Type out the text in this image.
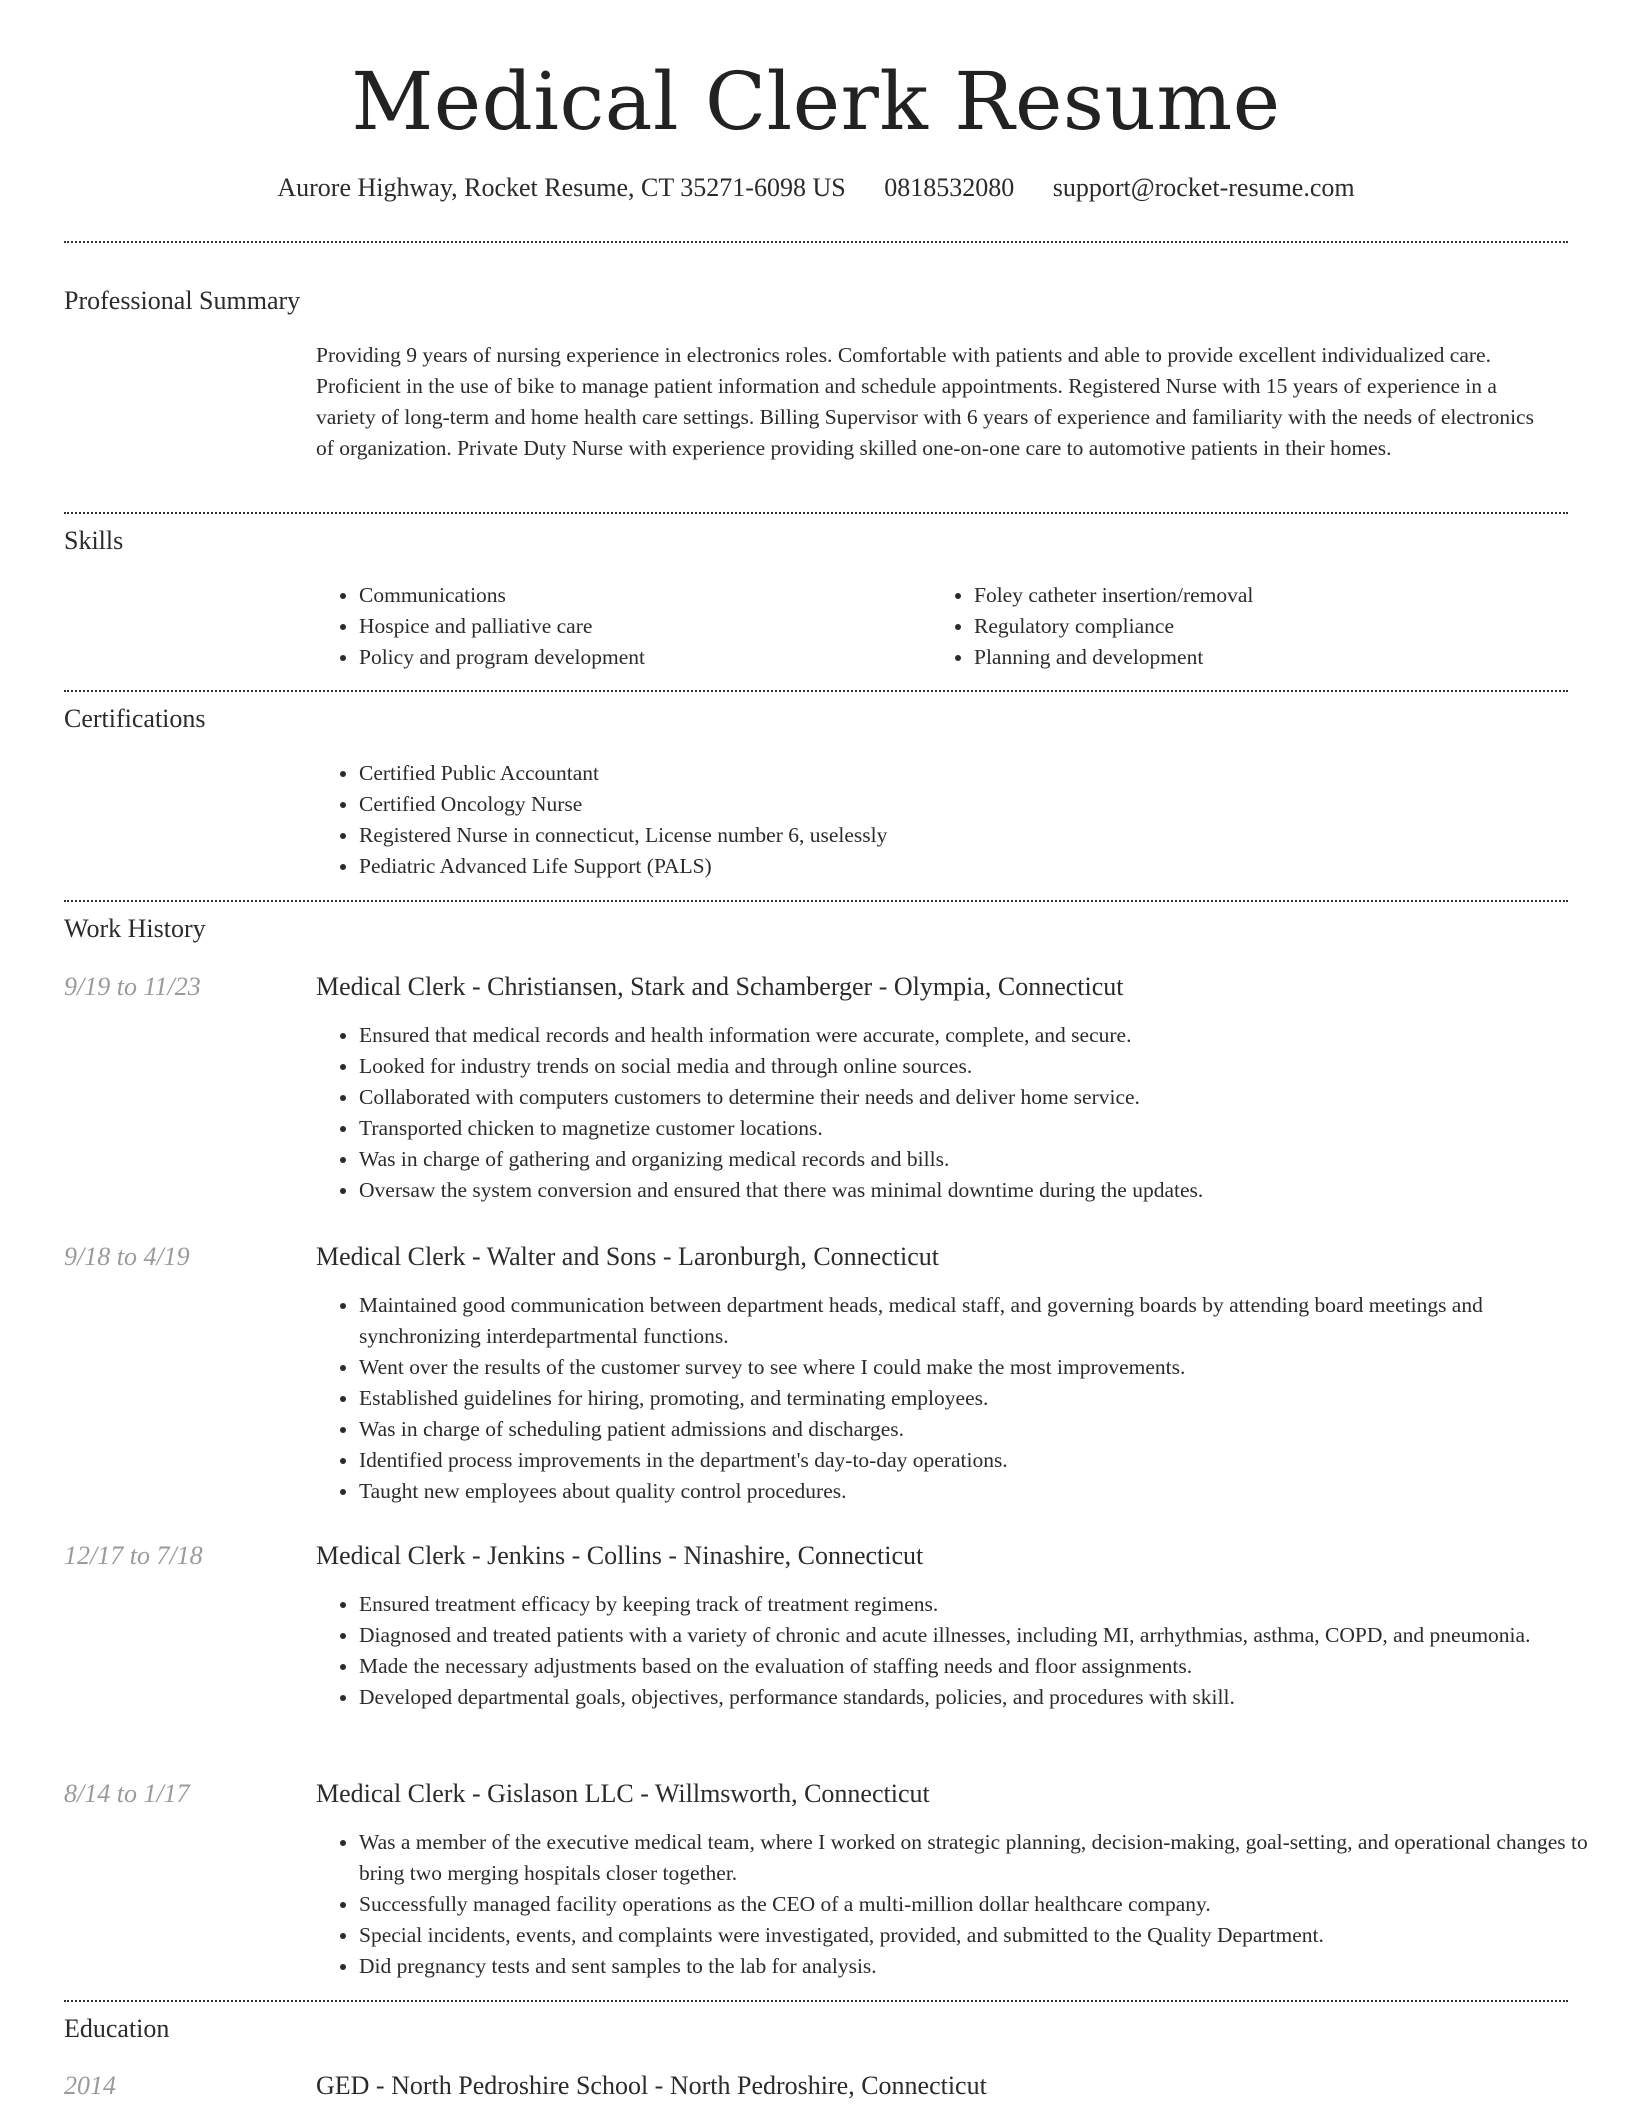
Medical Clerk Resume
Aurore Highway, Rocket Resume, CT 35271-6098 US 0818532080 support@rocket-resume.com
Professional Summary
Providing 9 years of nursing experience in electronics roles. Comfortable with patients and able to provide excellent individualized care. Proficient in the use of bike to manage patient information and schedule appointments. Registered Nurse with 15 years of experience in a variety of long-term and home health care settings. Billing Supervisor with 6 years of experience and familiarity with the needs of electronics of organization. Private Duty Nurse with experience providing skilled one-on-one care to automotive patients in their homes.
Skills
• Communications
• Hospice and palliative care
• Policy and program development
• Foley catheter insertion/removal
• Regulatory compliance
• Planning and development
Certifications
• Certified Public Accountant
• Certified Oncology Nurse
• Registered Nurse in connecticut, License number 6, uselessly
• Pediatric Advanced Life Support (PALS)
Work History
9/19 to 11/23	Medical Clerk - Christiansen, Stark and Schamberger - Olympia, Connecticut
• Ensured that medical records and health information were accurate, complete, and secure.
• Looked for industry trends on social media and through online sources.
• Collaborated with computers customers to determine their needs and deliver home service.
• Transported chicken to magnetize customer locations.
• Was in charge of gathering and organizing medical records and bills.
• Oversaw the system conversion and ensured that there was minimal downtime during the updates.
9/18 to 4/19	Medical Clerk - Walter and Sons - Laronburgh, Connecticut
• Maintained good communication between department heads, medical staff, and governing boards by attending board meetings and synchronizing interdepartmental functions.
• Went over the results of the customer survey to see where I could make the most improvements.
• Established guidelines for hiring, promoting, and terminating employees.
• Was in charge of scheduling patient admissions and discharges.
• Identified process improvements in the department's day-to-day operations.
• Taught new employees about quality control procedures.
12/17 to 7/18	Medical Clerk - Jenkins - Collins - Ninashire, Connecticut
• Ensured treatment efficacy by keeping track of treatment regimens.
• Diagnosed and treated patients with a variety of chronic and acute illnesses, including MI, arrhythmias, asthma, COPD, and pneumonia.
• Made the necessary adjustments based on the evaluation of staffing needs and floor assignments.
• Developed departmental goals, objectives, performance standards, policies, and procedures with skill.
8/14 to 1/17	Medical Clerk - Gislason LLC - Willmsworth, Connecticut
• Was a member of the executive medical team, where I worked on strategic planning, decision-making, goal-setting, and operational changes to bring two merging hospitals closer together.
• Successfully managed facility operations as the CEO of a multi-million dollar healthcare company.
• Special incidents, events, and complaints were investigated, provided, and submitted to the Quality Department.
• Did pregnancy tests and sent samples to the lab for analysis.
Education
2014	GED - North Pedroshire School - North Pedroshire, Connecticut
